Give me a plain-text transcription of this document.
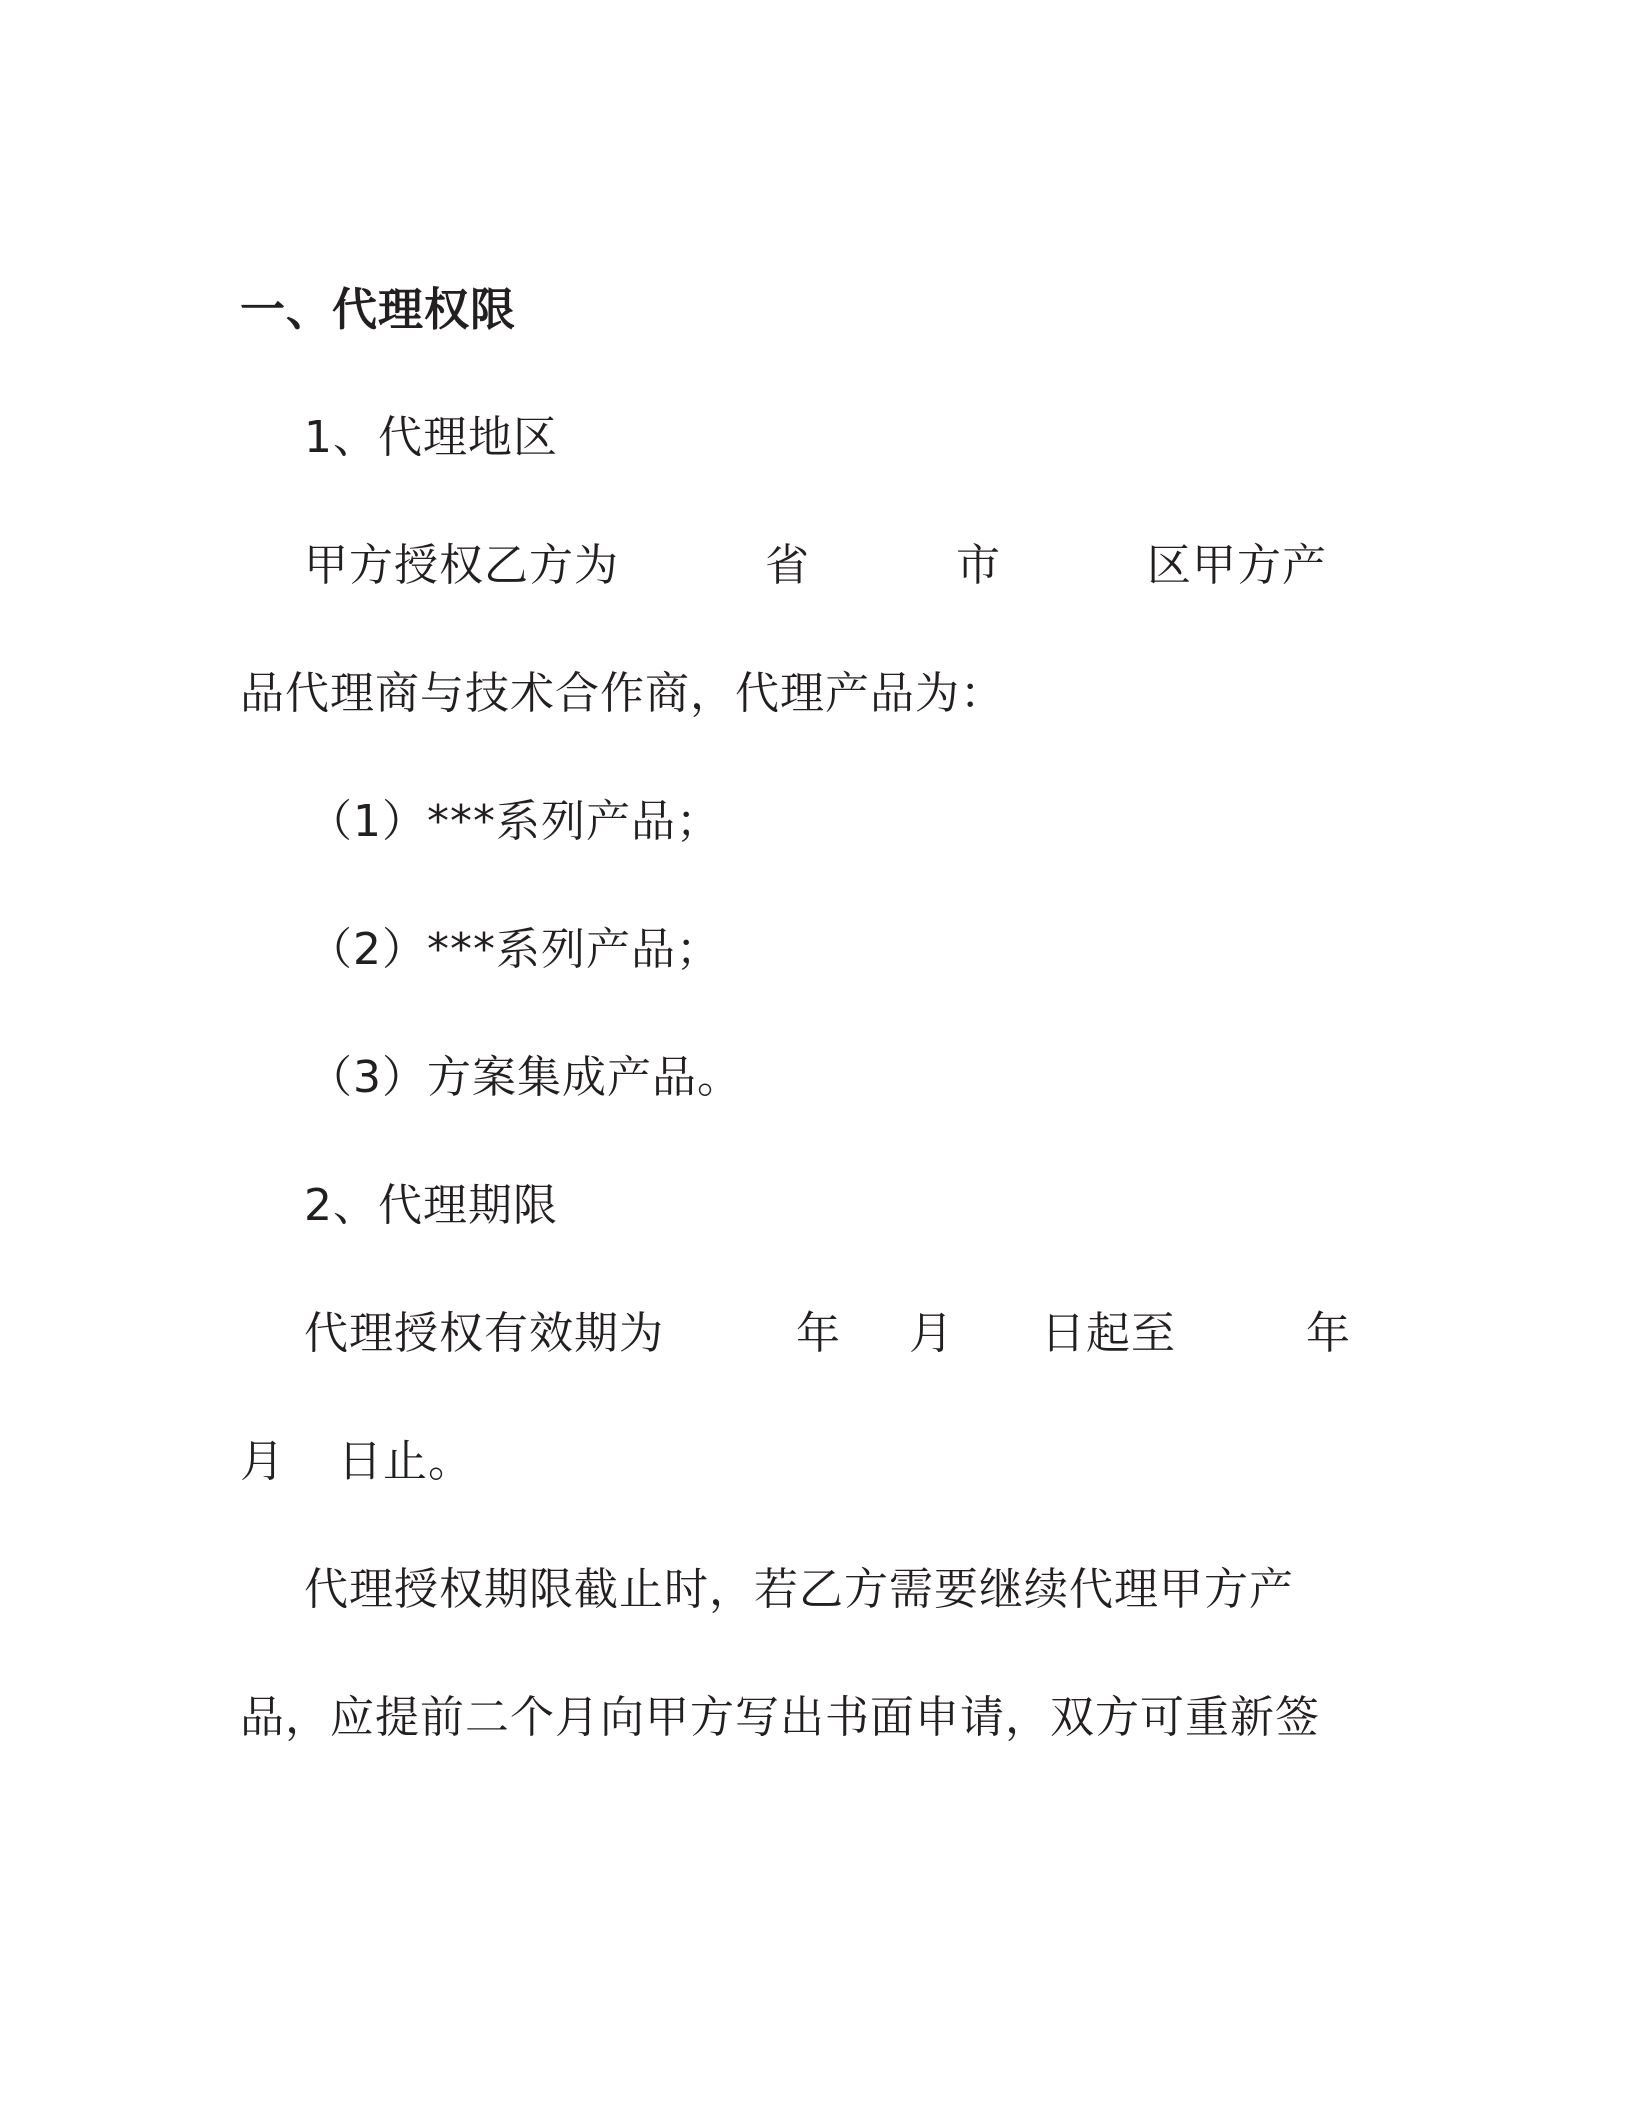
一、代理权限
1、代理地区
甲方授权乙方为	省	市	区甲方产
品代理商与技术合作商，代理产品为：
（1）***系列产品；
（2）***系列产品；
（3）方案集成产品。
2、代理期限
代理授权有效期为	年 月 日起至	年
月 日止。
代理授权期限截止时，若乙方需要继续代理甲方产
品，应提前二个月向甲方写出书面申请，双方可重新签
